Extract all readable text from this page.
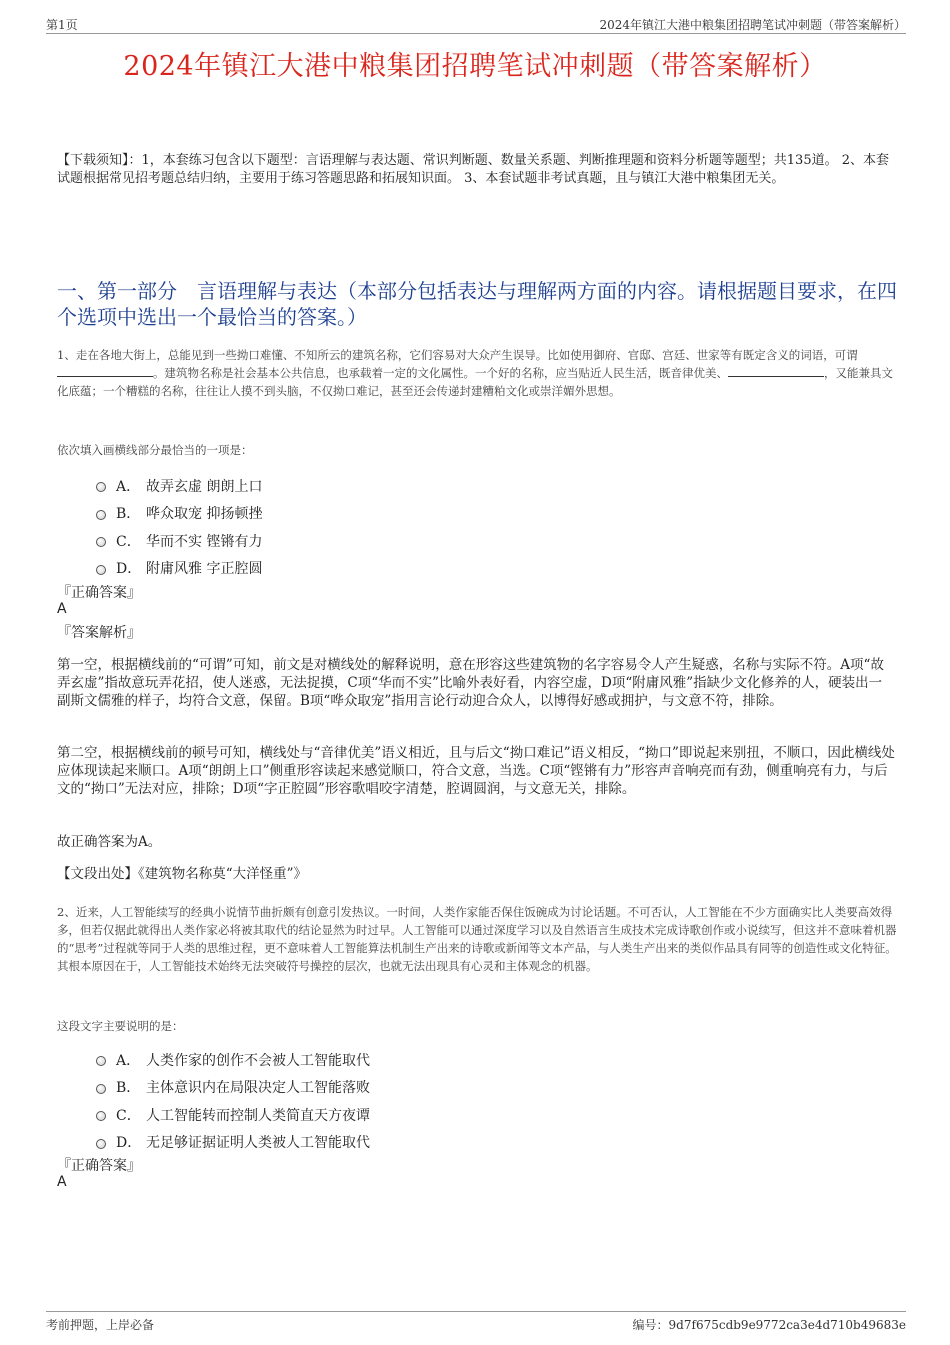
第1页	2024年镇江大港中粮集团招聘笔试冲刺题（带答案解析）
2024年镇江大港中粮集团招聘笔试冲刺题（带答案解析）
【下载须知】：1，本套练习包含以下题型：言语理解与表达题、常识判断题、数量关系题、判断推理题和资料分析题等题型；共135道。 2、本套试题根据常见招考题总结归纳，主要用于练习答题思路和拓展知识面。 3、本套试题非考试真题，且与镇江大港中粮集团无关。
一、第一部分　言语理解与表达（本部分包括表达与理解两方面的内容。请根据题目要求，在四个选项中选出一个最恰当的答案。）
1、走在各地大街上，总能见到一些拗口难懂、不知所云的建筑名称，它们容易对大众产生误导。比如使用御府、官邸、宫廷、世家等有既定含义的词语，可谓。建筑物名称是社会基本公共信息，也承载着一定的文化属性。一个好的名称，应当贴近人民生活，既音律优美、	，又能兼具文化底蕴；一个糟糕的名称，往往让人摸不到头脑，不仅拗口难记，甚至还会传递封建糟粕文化或崇洋媚外思想。
依次填入画横线部分最恰当的一项是：
A． 故弄玄虚 朗朗上口
B． 哗众取宠 抑扬顿挫
C． 华而不实 铿锵有力
D． 附庸风雅 字正腔圆
『正确答案』
A
『答案解析』
第一空，根据横线前的“可谓”可知，前文是对横线处的解释说明，意在形容这些建筑物的名字容易令人产生疑惑，名称与实际不符。A项“故弄玄虚”指故意玩弄花招，使人迷惑，无法捉摸，C项“华而不实”比喻外表好看，内容空虚，D项“附庸风雅”指缺少文化修养的人，硬装出一副斯文儒雅的样子，均符合文意，保留。B项“哗众取宠”指用言论行动迎合众人，以博得好感或拥护，与文意不符，排除。
第二空，根据横线前的顿号可知，横线处与“音律优美”语义相近，且与后文“拗口难记”语义相反，“拗口”即说起来别扭，不顺口，因此横线处应体现读起来顺口。A项“朗朗上口”侧重形容读起来感觉顺口，符合文意，当选。C项“铿锵有力”形容声音响亮而有劲，侧重响亮有力，与后文的“拗口”无法对应，排除；D项“字正腔圆”形容歌唱咬字清楚，腔调圆润，与文意无关，排除。
故正确答案为A。
【文段出处】《建筑物名称莫“大洋怪重”》
2、近来，人工智能续写的经典小说情节曲折颇有创意引发热议。一时间，人类作家能否保住饭碗成为讨论话题。不可否认，人工智能在不少方面确实比人类要高效得多，但若仅据此就得出人类作家必将被其取代的结论显然为时过早。人工智能可以通过深度学习以及自然语言生成技术完成诗歌创作或小说续写，但这并不意味着机器的“思考”过程就等同于人类的思维过程，更不意味着人工智能算法机制生产出来的诗歌或新闻等文本产品，与人类生产出来的类似作品具有同等的创造性或文化特征。其根本原因在于，人工智能技术始终无法突破符号操控的层次，也就无法出现具有心灵和主体观念的机器。
这段文字主要说明的是：
A． 人类作家的创作不会被人工智能取代
B． 主体意识内在局限决定人工智能落败
C． 人工智能转而控制人类简直天方夜谭
D． 无足够证据证明人类被人工智能取代
『正确答案』
A
考前押题，上岸必备	编号：9d7f675cdb9e9772ca3e4d710b49683e
